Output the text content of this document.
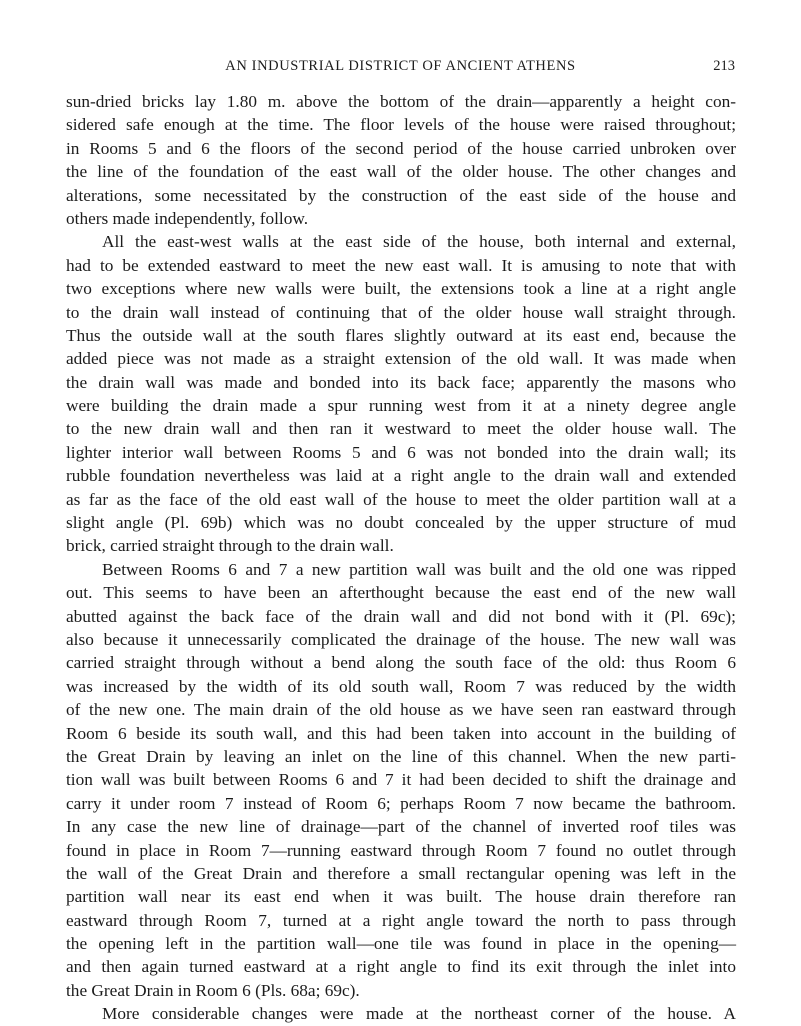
AN INDUSTRIAL DISTRICT OF ANCIENT ATHENS	213

sun-dried bricks lay 1.80 m. above the bottom of the drain—apparently a height con-
sidered safe enough at the time. The floor levels of the house were raised throughout;
in Rooms 5 and 6 the floors of the second period of the house carried unbroken over
the line of the foundation of the east wall of the older house. The other changes and
alterations, some necessitated by the construction of the east side of the house and
others made independently, follow.

All the east-west walls at the east side of the house, both internal and external,
had to be extended eastward to meet the new east wall. It is amusing to note that with
two exceptions where new walls were built, the extensions took a line at a right angle
to the drain wall instead of continuing that of the older house wall straight through.
Thus the outside wall at the south flares slightly outward at its east end, because the
added piece was not made as a straight extension of the old wall. It was made when
the drain wall was made and bonded into its back face; apparently the masons who
were building the drain made a spur running west from it at a ninety degree angle
to the new drain wall and then ran it westward to meet the older house wall. The
lighter interior wall between Rooms 5 and 6 was not bonded into the drain wall; its
rubble foundation nevertheless was laid at a right angle to the drain wall and extended
as far as the face of the old east wall of the house to meet the older partition wall at a
slight angle (Pl. 69b) which was no doubt concealed by the upper structure of mud
brick, carried straight through to the drain wall.

Between Rooms 6 and 7 a new partition wall was built and the old one was ripped
out. This seems to have been an afterthought because the east end of the new wall
abutted against the back face of the drain wall and did not bond with it (Pl. 69c);
also because it unnecessarily complicated the drainage of the house. The new wall was
carried straight through without a bend along the south face of the old: thus Room 6
was increased by the width of its old south wall, Room 7 was reduced by the width
of the new one. The main drain of the old house as we have seen ran eastward through
Room 6 beside its south wall, and this had been taken into account in the building of
the Great Drain by leaving an inlet on the line of this channel. When the new parti-
tion wall was built between Rooms 6 and 7 it had been decided to shift the drainage and
carry it under room 7 instead of Room 6; perhaps Room 7 now became the bathroom.
In any case the new line of drainage—part of the channel of inverted roof tiles was
found in place in Room 7—running eastward through Room 7 found no outlet through
the wall of the Great Drain and therefore a small rectangular opening was left in the
partition wall near its east end when it was built. The house drain therefore ran
eastward through Room 7, turned at a right angle toward the north to pass through
the opening left in the partition wall—one tile was found in place in the opening—
and then again turned eastward at a right angle to find its exit through the inlet into
the Great Drain in Room 6 (Pls. 68a; 69c).

More considerable changes were made at the northeast corner of the house. A
